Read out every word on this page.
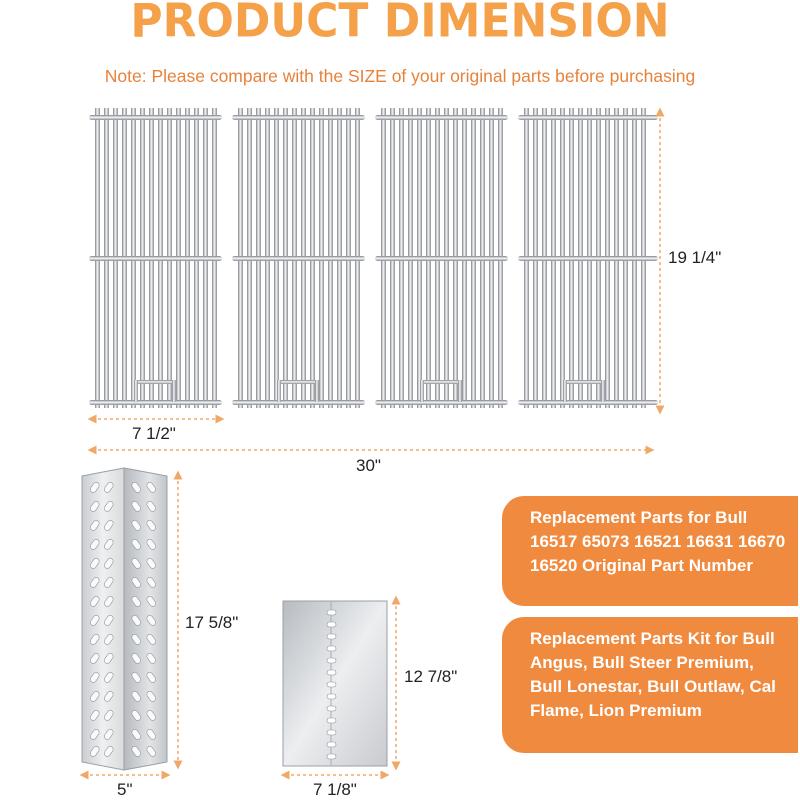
PRODUCT DIMENSION
Note: Please compare with the SIZE of your original parts before purchasing
19 1/4"
7 1/2"
30"
17 5/8"
5"
12 7/8"
7 1/8"
Replacement Parts for Bull 16517 65073 16521 16631 16670 16520 Original Part Number
Replacement Parts Kit for Bull Angus, Bull Steer Premium, Bull Lonestar, Bull Outlaw, Cal Flame, Lion Premium
